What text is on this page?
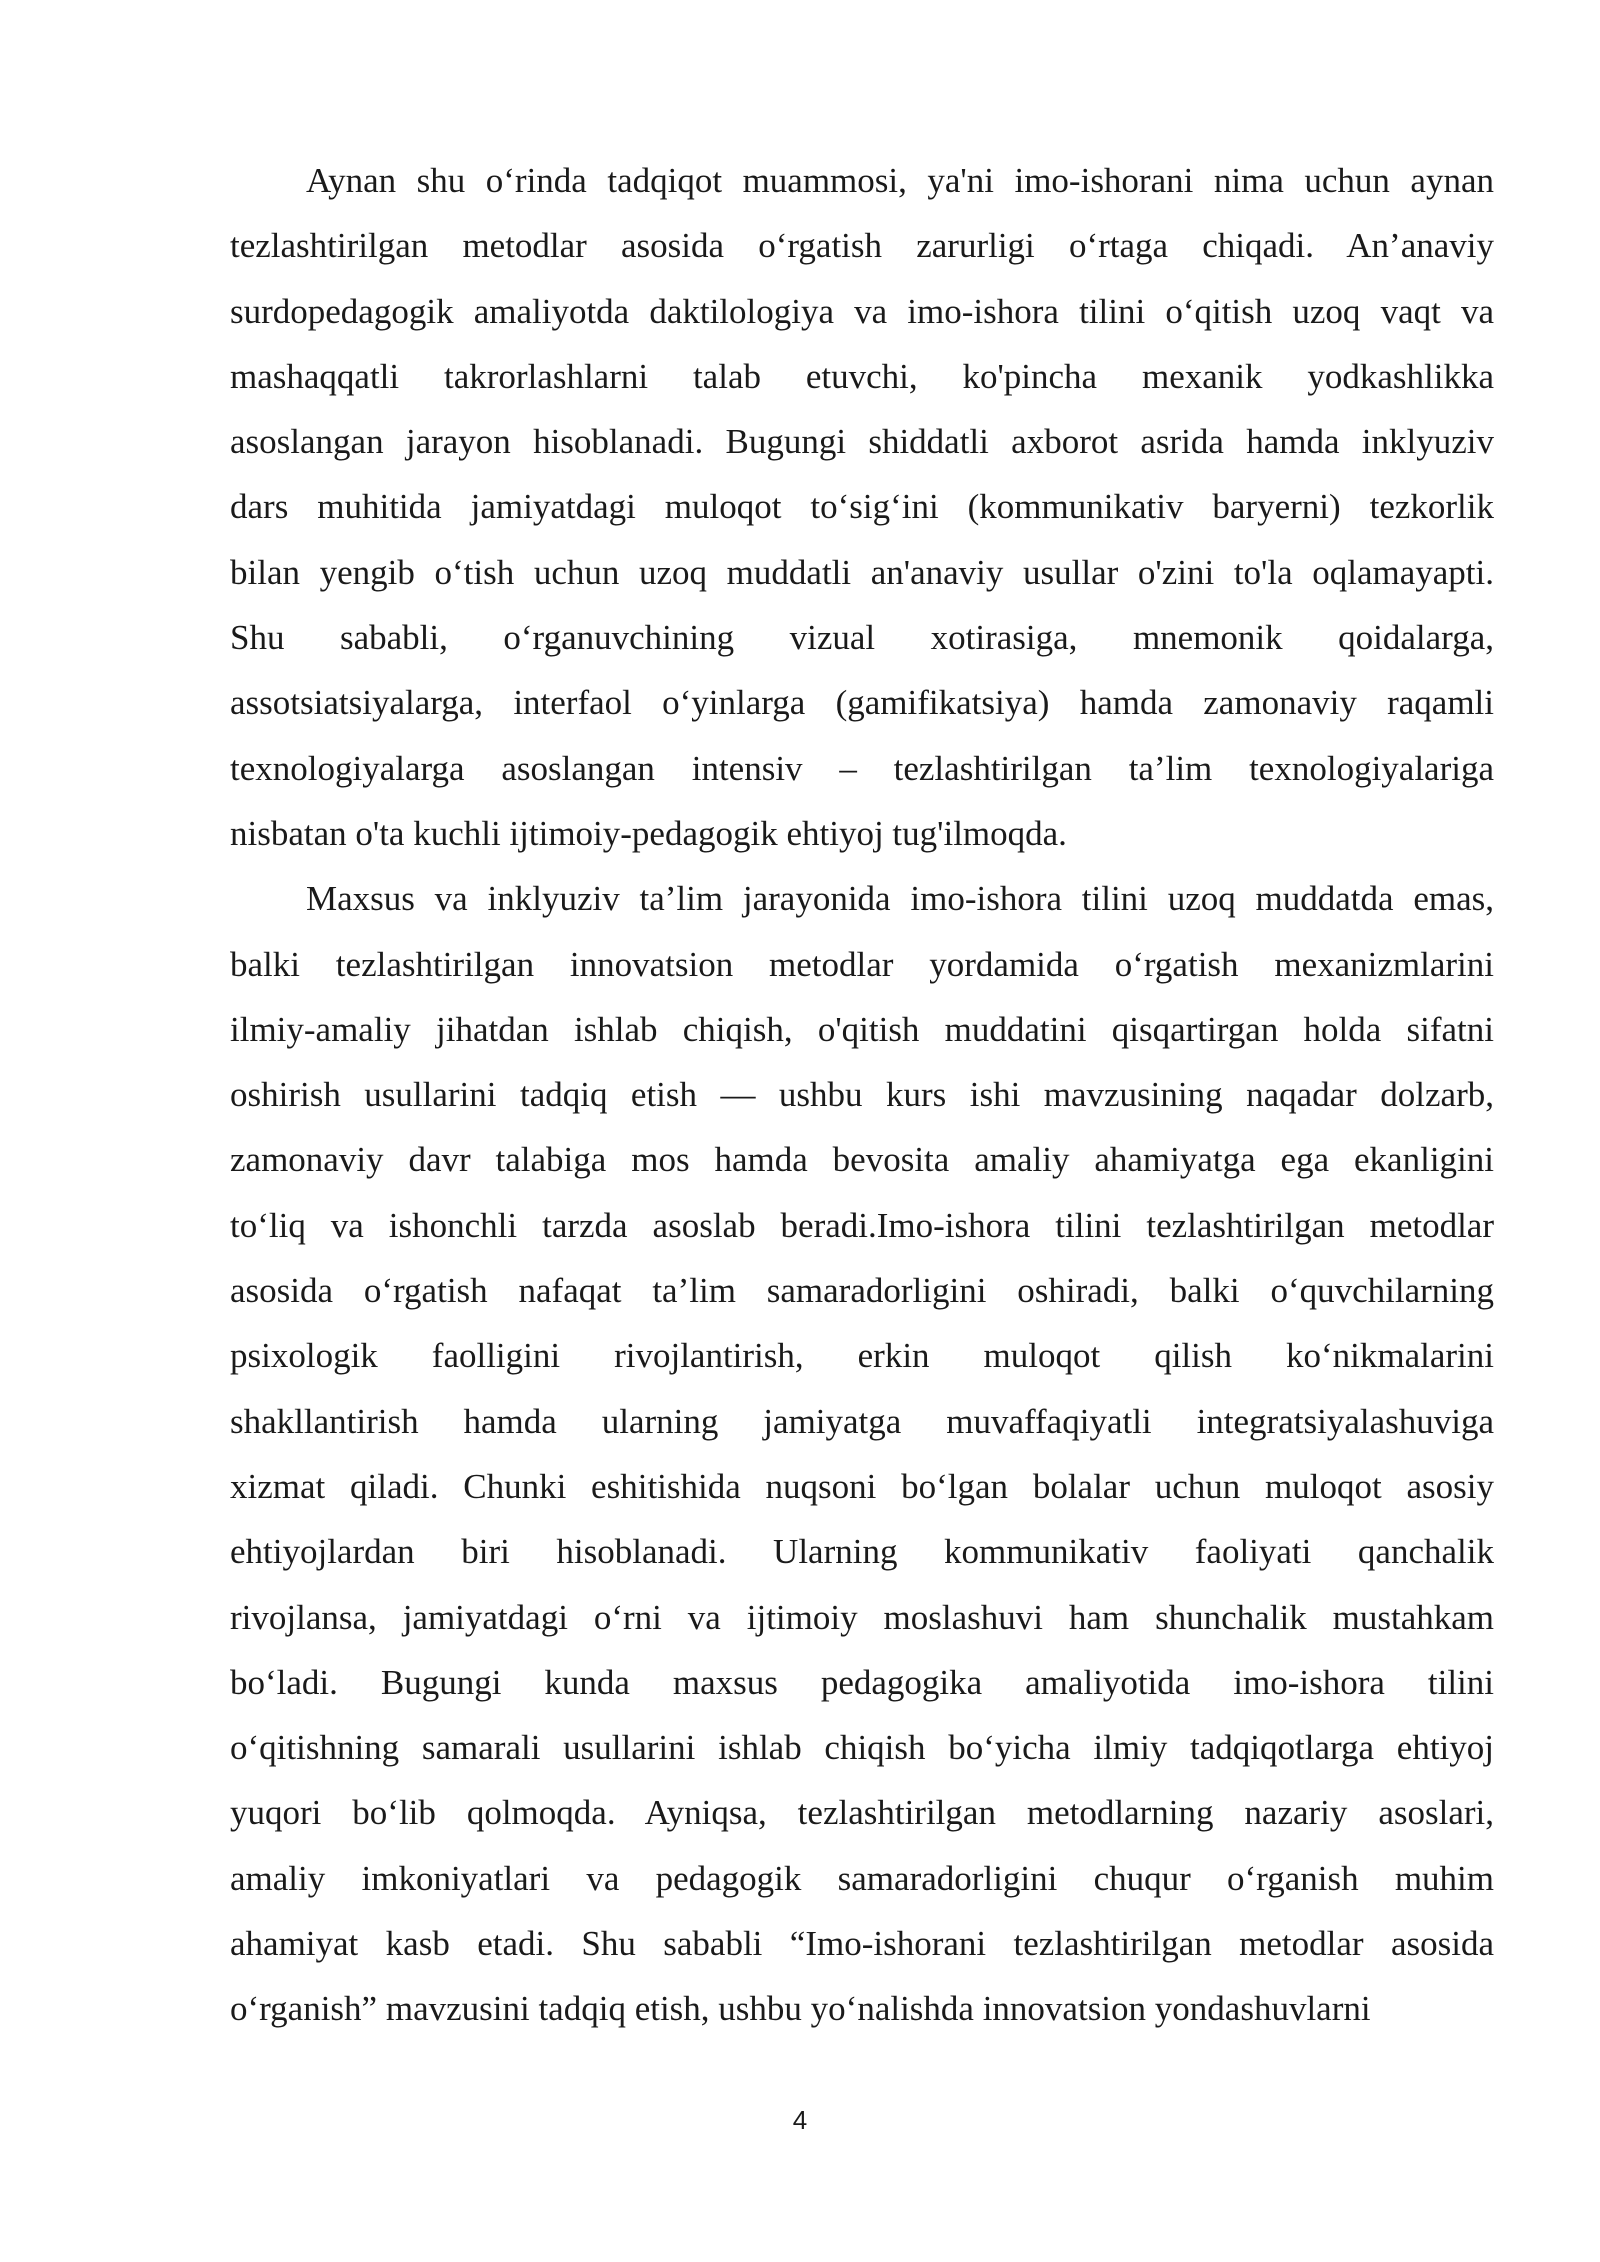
Aynan shu o‘rinda tadqiqot muammosi, ya'ni imo-ishorani nima uchun aynan
tezlashtirilgan metodlar asosida o‘rgatish zarurligi o‘rtaga chiqadi. An’anaviy
surdopedagogik amaliyotda daktilologiya va imo-ishora tilini o‘qitish uzoq vaqt va
mashaqqatli takrorlashlarni talab etuvchi, ko'pincha mexanik yodkashlikka
asoslangan jarayon hisoblanadi. Bugungi shiddatli axborot asrida hamda inklyuziv
dars muhitida jamiyatdagi muloqot to‘sig‘ini (kommunikativ baryerni) tezkorlik
bilan yengib o‘tish uchun uzoq muddatli an'anaviy usullar o'zini to'la oqlamayapti.
Shu sababli, o‘rganuvchining vizual xotirasiga, mnemonik qoidalarga,
assotsiatsiyalarga, interfaol o‘yinlarga (gamifikatsiya) hamda zamonaviy raqamli
texnologiyalarga asoslangan intensiv – tezlashtirilgan ta’lim texnologiyalariga
nisbatan o'ta kuchli ijtimoiy-pedagogik ehtiyoj tug'ilmoqda.
Maxsus va inklyuziv ta’lim jarayonida imo-ishora tilini uzoq muddatda emas,
balki tezlashtirilgan innovatsion metodlar yordamida o‘rgatish mexanizmlarini
ilmiy-amaliy jihatdan ishlab chiqish, o'qitish muddatini qisqartirgan holda sifatni
oshirish usullarini tadqiq etish — ushbu kurs ishi mavzusining naqadar dolzarb,
zamonaviy davr talabiga mos hamda bevosita amaliy ahamiyatga ega ekanligini
to‘liq va ishonchli tarzda asoslab beradi.Imo-ishora tilini tezlashtirilgan metodlar
asosida o‘rgatish nafaqat ta’lim samaradorligini oshiradi, balki o‘quvchilarning
psixologik faolligini rivojlantirish, erkin muloqot qilish ko‘nikmalarini
shakllantirish hamda ularning jamiyatga muvaffaqiyatli integratsiyalashuviga
xizmat qiladi. Chunki eshitishida nuqsoni bo‘lgan bolalar uchun muloqot asosiy
ehtiyojlardan biri hisoblanadi. Ularning kommunikativ faoliyati qanchalik
rivojlansa, jamiyatdagi o‘rni va ijtimoiy moslashuvi ham shunchalik mustahkam
bo‘ladi. Bugungi kunda maxsus pedagogika amaliyotida imo-ishora tilini
o‘qitishning samarali usullarini ishlab chiqish bo‘yicha ilmiy tadqiqotlarga ehtiyoj
yuqori bo‘lib qolmoqda. Ayniqsa, tezlashtirilgan metodlarning nazariy asoslari,
amaliy imkoniyatlari va pedagogik samaradorligini chuqur o‘rganish muhim
ahamiyat kasb etadi. Shu sababli “Imo-ishorani tezlashtirilgan metodlar asosida
o‘rganish” mavzusini tadqiq etish, ushbu yo‘nalishda innovatsion yondashuvlarni
4
